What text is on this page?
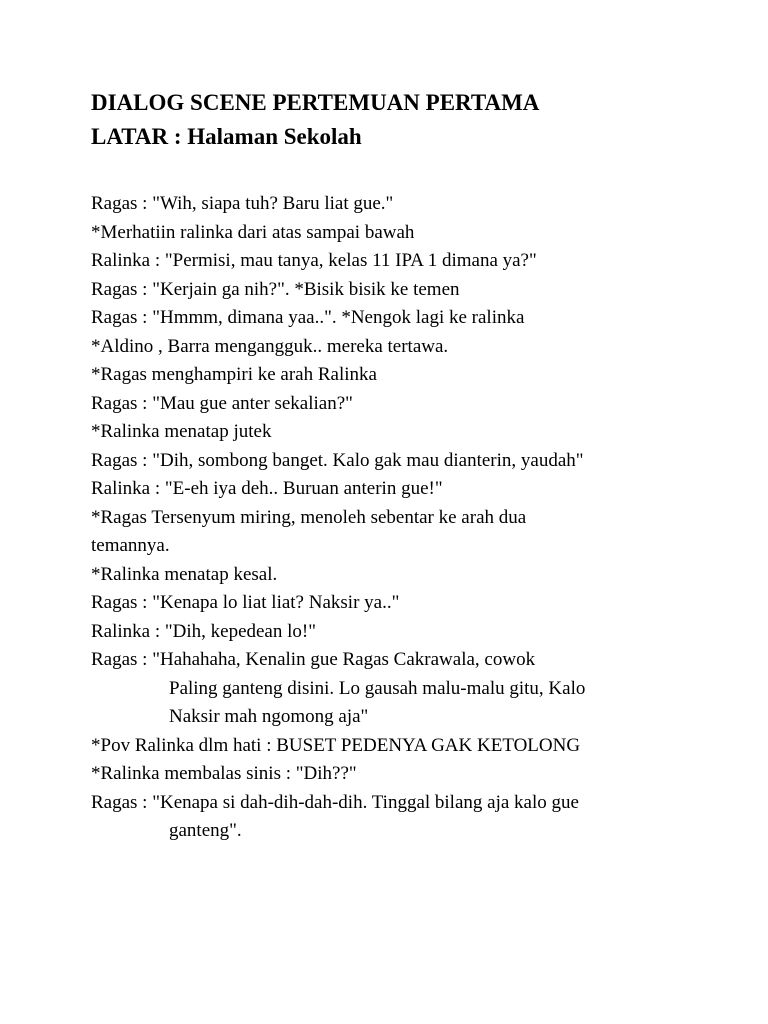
DIALOG SCENE PERTEMUAN PERTAMA
LATAR : Halaman Sekolah
Ragas : "Wih, siapa tuh? Baru liat gue."
*Merhatiin ralinka dari atas sampai bawah
Ralinka : "Permisi, mau tanya, kelas 11 IPA 1 dimana ya?"
Ragas : "Kerjain ga nih?". *Bisik bisik ke temen
Ragas : "Hmmm, dimana yaa..". *Nengok lagi ke ralinka
*Aldino , Barra mengangguk.. mereka tertawa.
*Ragas menghampiri ke arah Ralinka
Ragas : "Mau gue anter sekalian?"
*Ralinka menatap jutek
Ragas : "Dih, sombong banget. Kalo gak mau dianterin, yaudah"
Ralinka : "E-eh iya deh.. Buruan anterin gue!"
*Ragas Tersenyum miring, menoleh sebentar ke arah dua
temannya.
*Ralinka menatap kesal.
Ragas : "Kenapa lo liat liat? Naksir ya.."
Ralinka : "Dih, kepedean lo!"
Ragas : "Hahahaha, Kenalin gue Ragas Cakrawala, cowok
Paling ganteng disini. Lo gausah malu-malu gitu, Kalo
Naksir mah ngomong aja"
*Pov Ralinka dlm hati : BUSET PEDENYA GAK KETOLONG
*Ralinka membalas sinis : "Dih??"
Ragas : "Kenapa si dah-dih-dah-dih. Tinggal bilang aja kalo gue
ganteng".
